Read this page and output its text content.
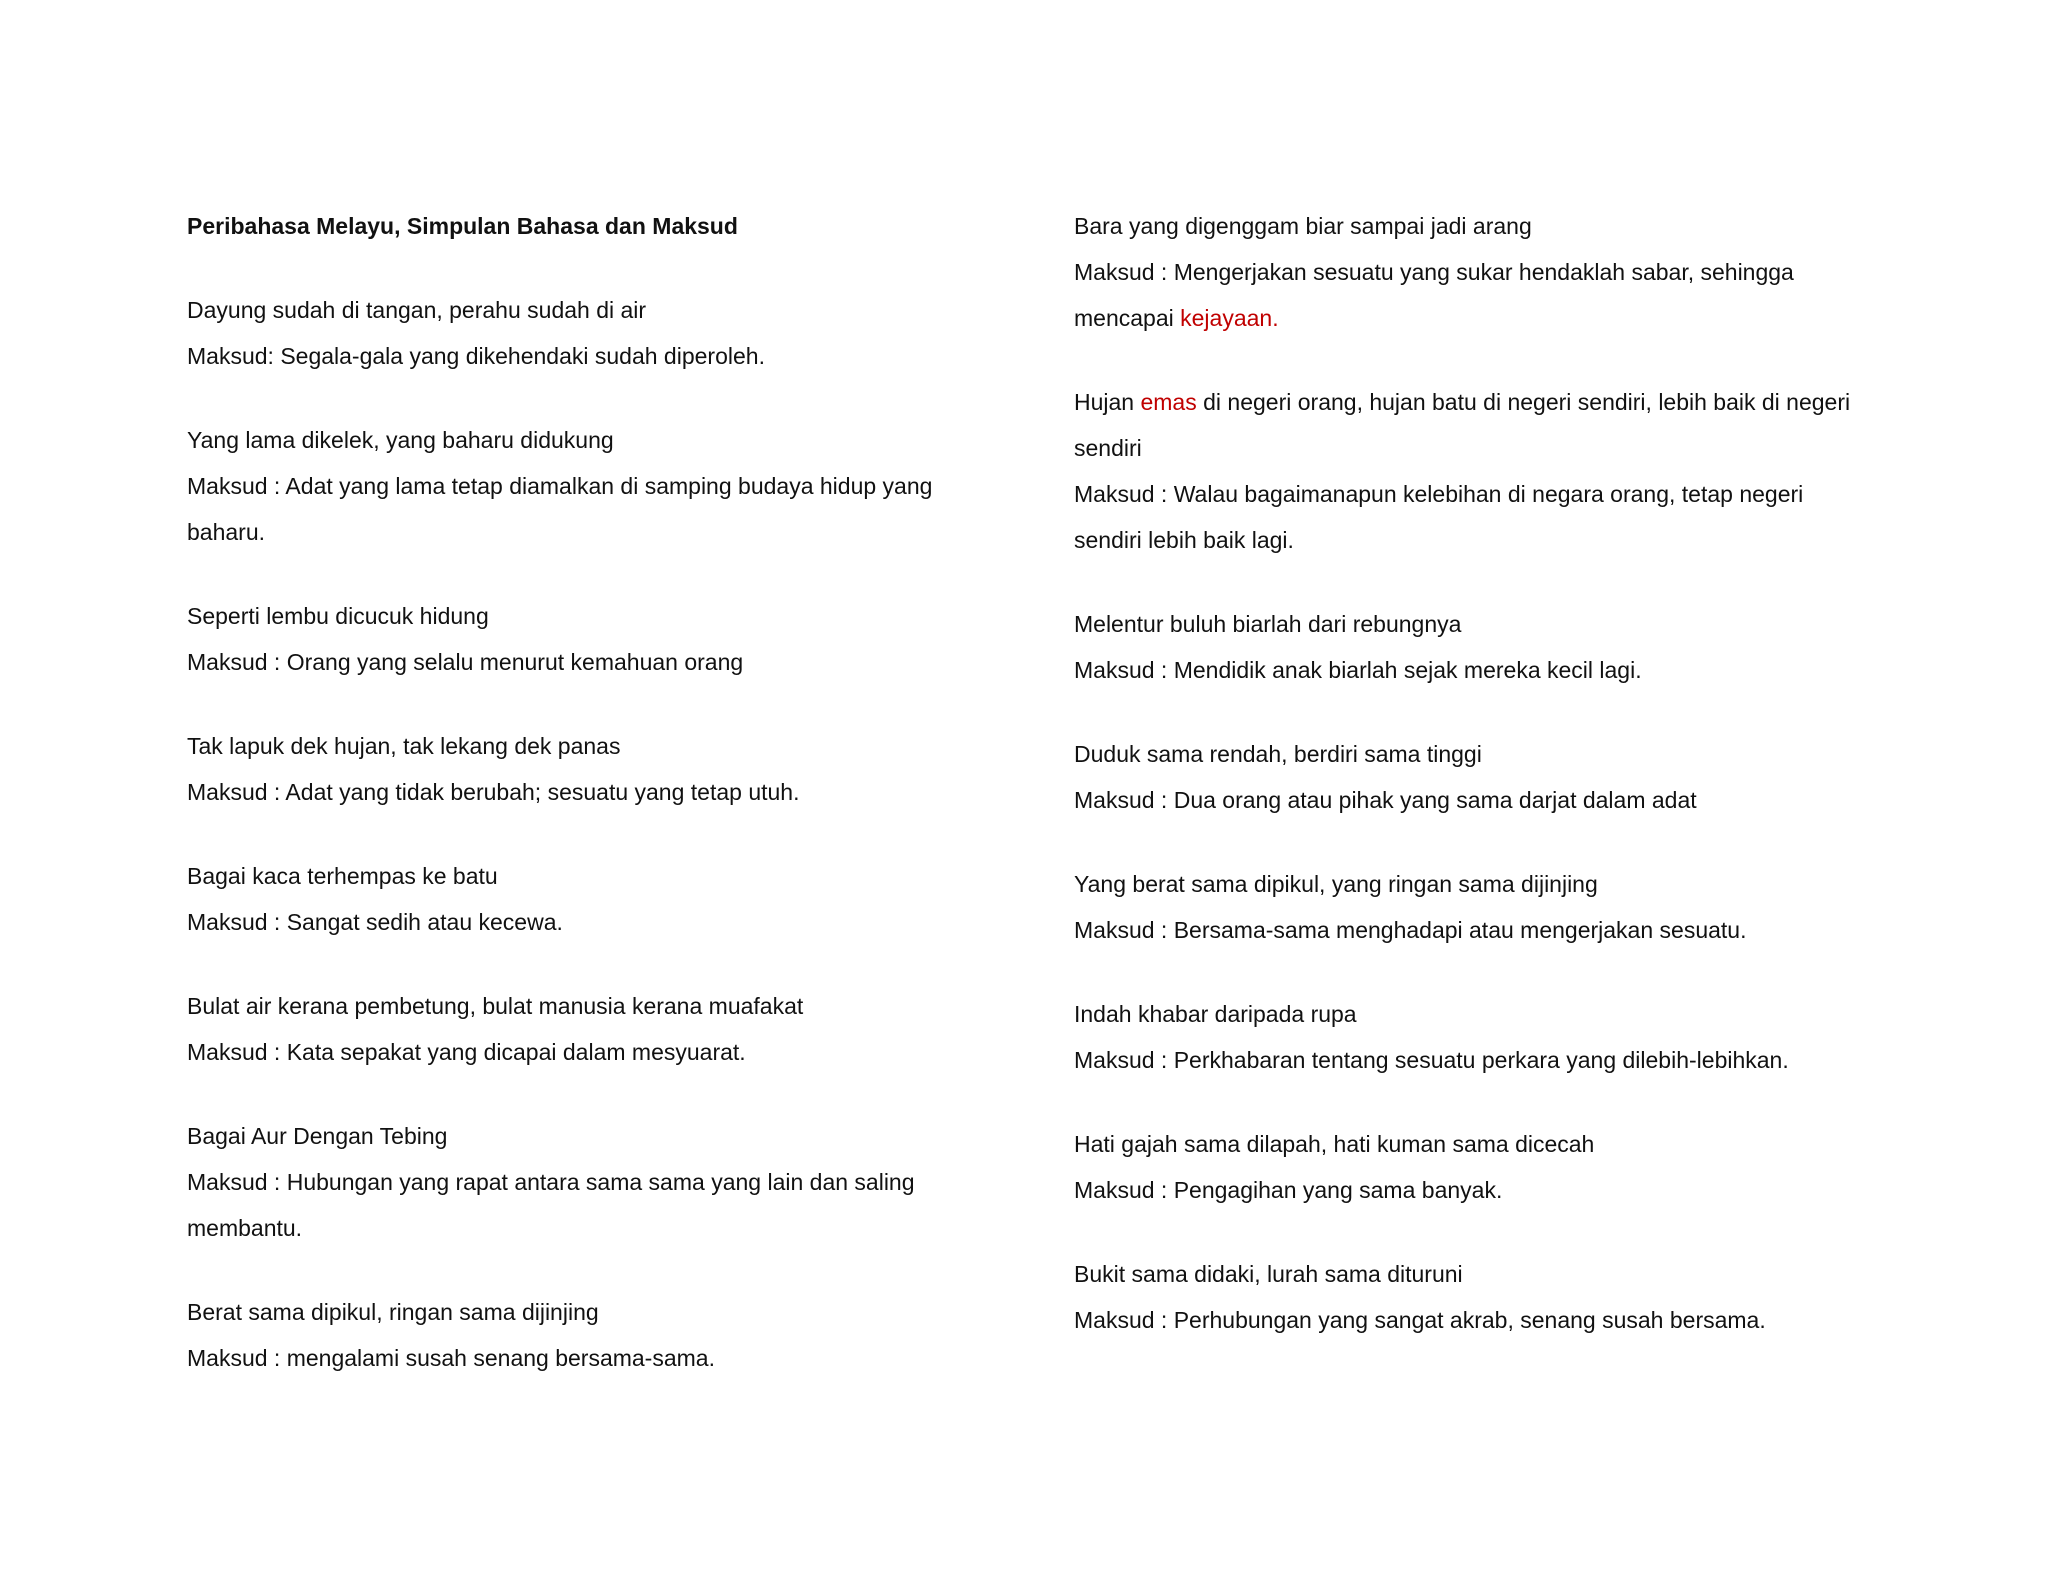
Peribahasa Melayu, Simpulan Bahasa dan Maksud

Dayung sudah di tangan, perahu sudah di air

Maksud: Segala-gala yang dikehendaki sudah diperoleh.

Yang lama dikelek, yang baharu didukung

Maksud : Adat yang lama tetap diamalkan di samping budaya hidup yang baharu.

Seperti lembu dicucuk hidung

Maksud : Orang yang selalu menurut kemahuan orang

Tak lapuk dek hujan, tak lekang dek panas

Maksud : Adat yang tidak berubah; sesuatu yang tetap utuh.

Bagai kaca terhempas ke batu

Maksud : Sangat sedih atau kecewa.

Bulat air kerana pembetung, bulat manusia kerana muafakat

Maksud : Kata sepakat yang dicapai dalam mesyuarat.

Bagai Aur Dengan Tebing

Maksud : Hubungan yang rapat antara sama sama yang lain dan saling membantu.

Berat sama dipikul, ringan sama dijinjing

Maksud : mengalami susah senang bersama-sama.

Bara yang digenggam biar sampai jadi arang

Maksud : Mengerjakan sesuatu yang sukar hendaklah sabar, sehingga mencapai kejayaan.

Hujan emas di negeri orang, hujan batu di negeri sendiri, lebih baik di negeri sendiri

Maksud : Walau bagaimanapun kelebihan di negara orang, tetap negeri sendiri lebih baik lagi.

Melentur buluh biarlah dari rebungnya

Maksud : Mendidik anak biarlah sejak mereka kecil lagi.

Duduk sama rendah, berdiri sama tinggi

Maksud : Dua orang atau pihak yang sama darjat dalam adat

Yang berat sama dipikul, yang ringan sama dijinjing

Maksud : Bersama-sama menghadapi atau mengerjakan sesuatu.

Indah khabar daripada rupa

Maksud : Perkhabaran tentang sesuatu perkara yang dilebih-lebihkan.

Hati gajah sama dilapah, hati kuman sama dicecah

Maksud : Pengagihan yang sama banyak.

Bukit sama didaki, lurah sama dituruni

Maksud : Perhubungan yang sangat akrab, senang susah bersama.
